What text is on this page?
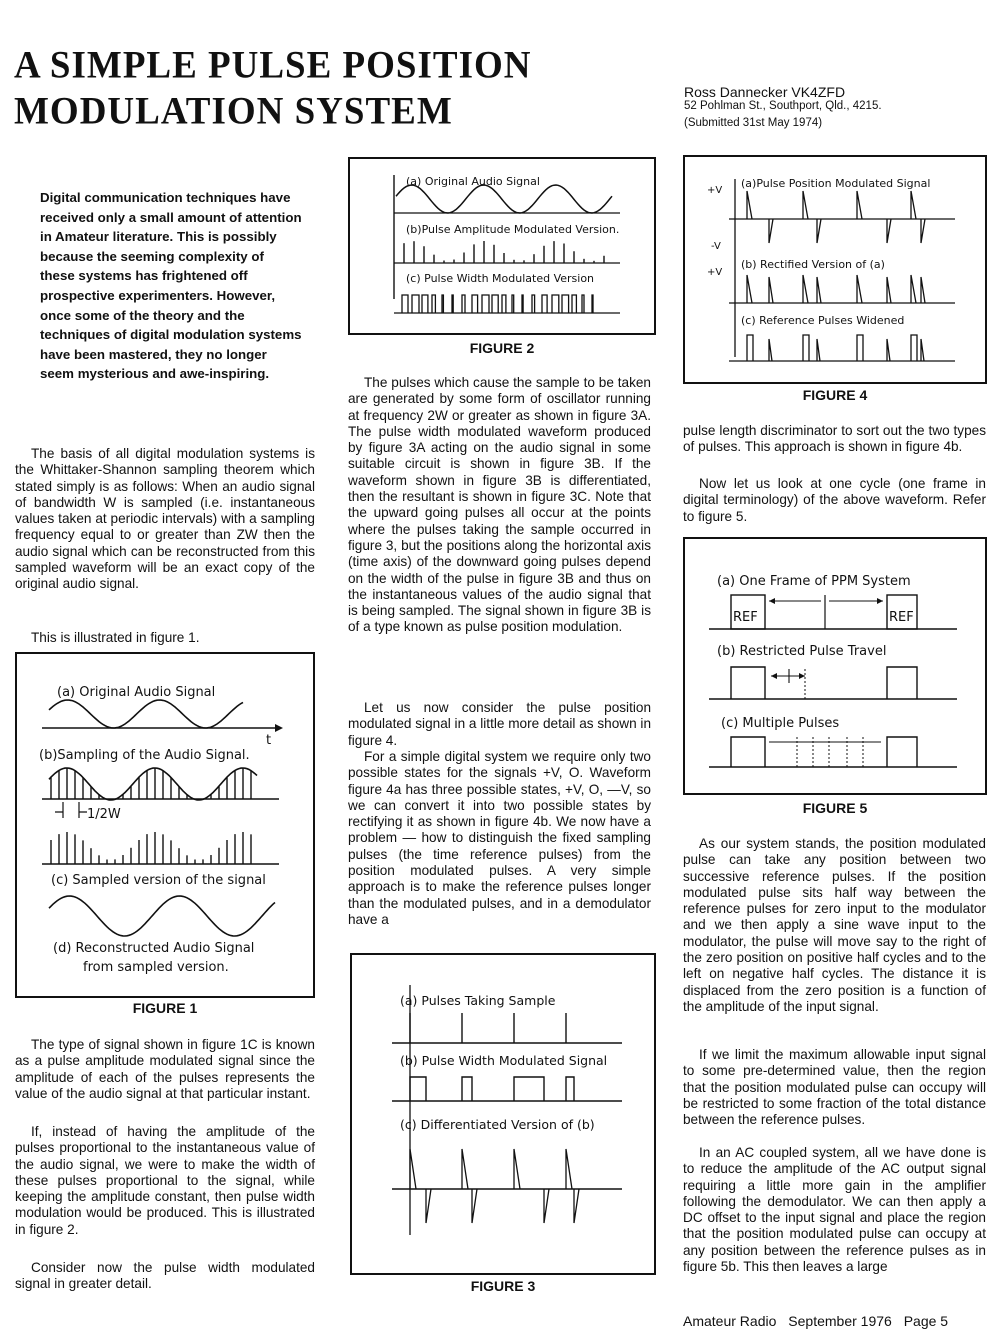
A SIMPLE PULSE POSITION
MODULATION SYSTEM	Ross Dannecker VK4ZFD
52 Pohlman St., Southport, Qld., 4215.
(Submitted 31st May 1974)

Digital communication techniques have received only a small amount of attention in Amateur literature. This is possibly because the seeming complexity of these systems has frightened off prospective experimenters. However, once some of the theory and the techniques of digital modulation systems have been mastered, they no longer seem mysterious and awe-inspiring.

The basis of all digital modulation systems is the Whittaker-Shannon sampling theorem which stated simply is as follows: When an audio signal of bandwidth W is sampled (i.e. instantaneous values taken at periodic intervals) with a sampling frequency equal to or greater than ZW then the audio signal which can be reconstructed from this sampled waveform will be an exact copy of the original audio signal.

This is illustrated in figure 1.

(a) Original Audio Signal
t
(b)Sampling of the Audio Signal.
1/2W
(c) Sampled version of the signal
(d) Reconstructed Audio Signal
from sampled version.
FIGURE 1

The type of signal shown in figure 1C is known as a pulse amplitude modulated signal since the amplitude of each of the pulses represents the value of the audio signal at that particular instant.

If, instead of having the amplitude of the pulses proportional to the instantaneous value of the audio signal, we were to make the width of these pulses proportional to the signal, while keeping the amplitude constant, then pulse width modulation would be produced. This is illustrated in figure 2.

Consider now the pulse width modulated signal in greater detail.

(a) Original Audio Signal
(b)Pulse Amplitude Modulated Version.
(c) Pulse Width Modulated Version
FIGURE 2

The pulses which cause the sample to be taken are generated by some form of oscillator running at frequency 2W or greater as shown in figure 3A. The pulse width modulated waveform produced by figure 3A acting on the audio signal in some suitable circuit is shown in figure 3B. If the waveform shown in figure 3B is differentiated, then the resultant is shown in figure 3C. Note that the upward going pulses all occur at the points where the pulses taking the sample occurred in figure 3, but the positions along the horizontal axis (time axis) of the downward going pulses depend on the width of the pulse in figure 3B and thus on the instantaneous values of the audio signal that is being sampled. The signal shown in figure 3B is of a type known as pulse position modulation.

Let us now consider the pulse position modulated signal in a little more detail as shown in figure 4.

For a simple digital system we require only two possible states for the signals +V, O. Waveform figure 4a has three possible states, +V, O, —V, so we can convert it into two possible states by rectifying it as shown in figure 4b. We now have a problem — how to distinguish the fixed sampling pulses (the time reference pulses) from the position modulated pulses. A very simple approach is to make the reference pulses longer than the modulated pulses, and in a demodulator have a

(a) Pulses Taking Sample
(b) Pulse Width Modulated Signal
(c) Differentiated Version of (b)
FIGURE 3
+V
(a)Pulse Position Modulated Signal
-V
+V
(b) Rectified Version of (a)
(c) Reference Pulses Widened
FIGURE 4

pulse length discriminator to sort out the two types of pulses. This approach is shown in figure 4b.

Now let us look at one cycle (one frame in digital terminology) of the above waveform. Refer to figure 5.

(a) One Frame of PPM System
REF	REF
(b) Restricted Pulse Travel
(c) Multiple Pulses
FIGURE 5

As our system stands, the position modulated pulse can take any position between two successive reference pulses. If the position modulated pulse sits half way between the reference pulses for zero input to the modulator and we then apply a sine wave input to the modulator, the pulse will move say to the right of the zero position on positive half cycles and to the left on negative half cycles. The distance it is displaced from the zero position is a function of the amplitude of the input signal.

If we limit the maximum allowable input signal to some pre-determined value, then the region that the position modulated pulse can occupy will be restricted to some fraction of the total distance between the reference pulses.

In an AC coupled system, all we have done is to reduce the amplitude of the AC output signal requiring a little more gain in the amplifier following the demodulator. We can then apply a DC offset to the input signal and place the region that the position modulated pulse can occupy at any position between the reference pulses as in figure 5b. This then leaves a large

Amateur Radio September 1976 Page 5
